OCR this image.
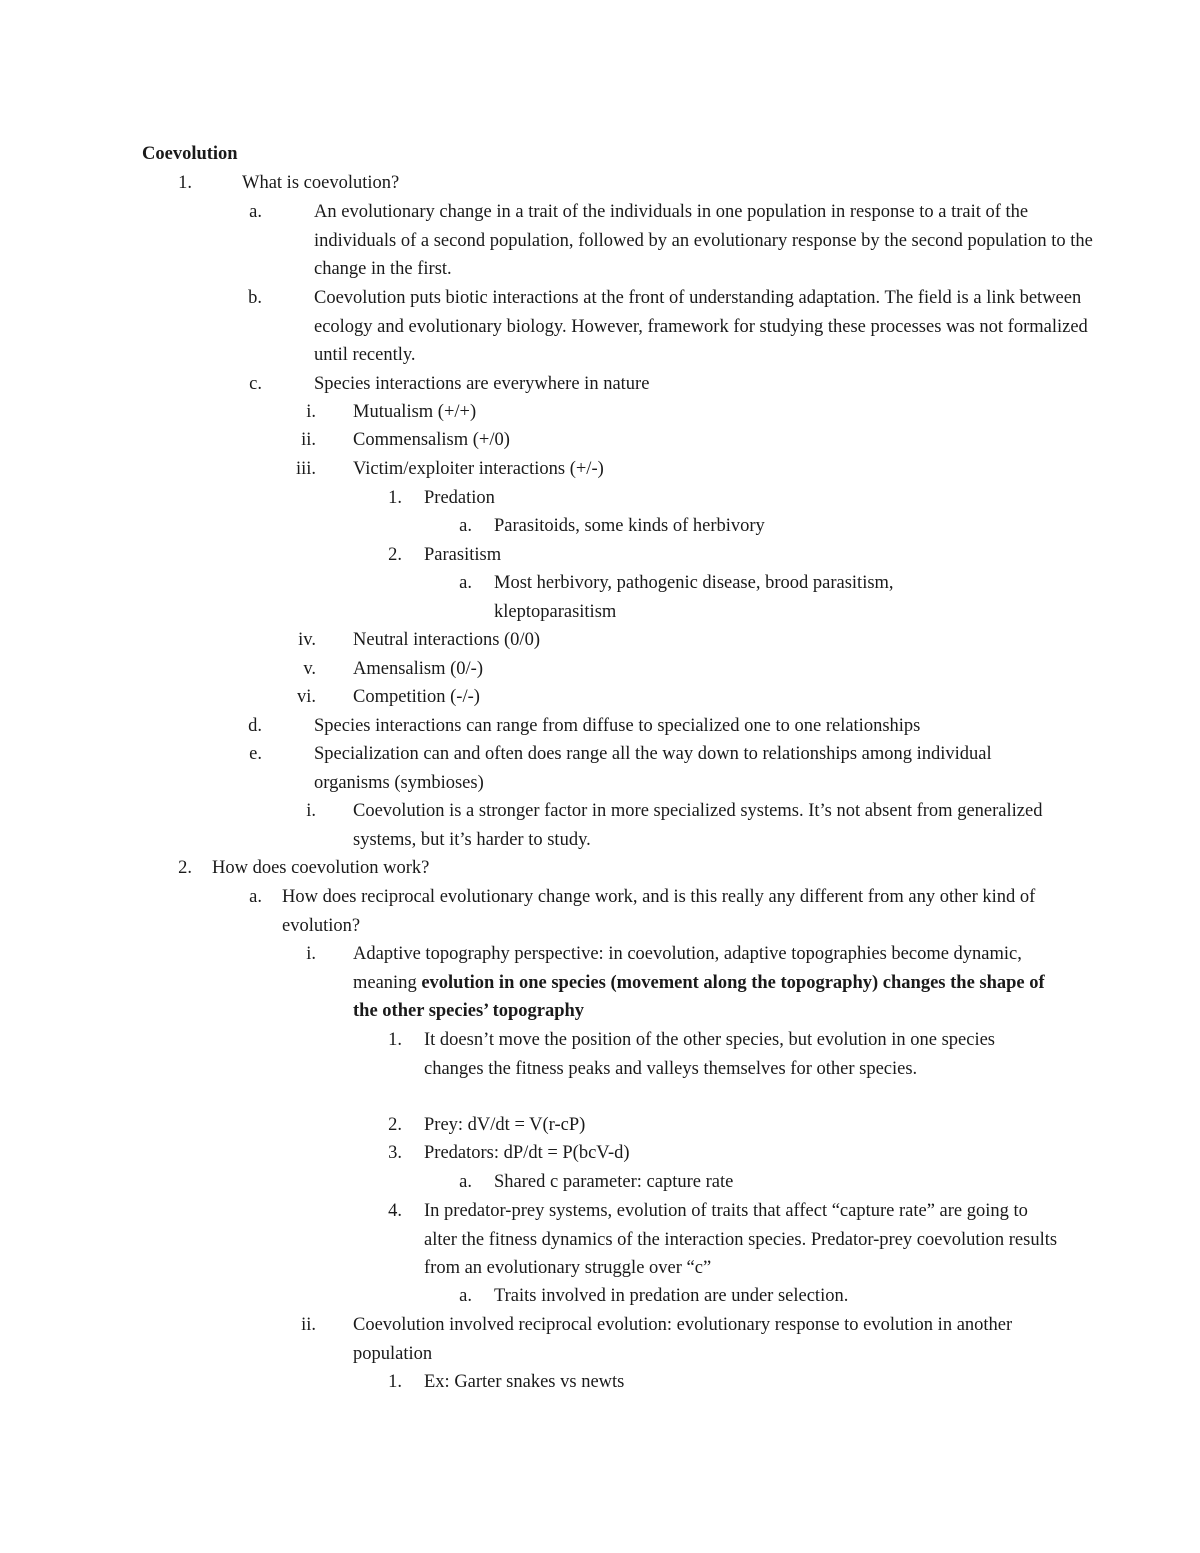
Coevolution
1.	What is coevolution?
a.	An evolutionary change in a trait of the individuals in one population in response to a trait of the individuals of a second population, followed by an evolutionary response by the second population to the change in the first.
b.	Coevolution puts biotic interactions at the front of understanding adaptation. The field is a link between ecology and evolutionary biology. However, framework for studying these processes was not formalized until recently.
c.	Species interactions are everywhere in nature
i. Mutualism (+/+)
ii. Commensalism (+/0)
iii. Victim/exploiter interactions (+/-)
1. Predation
a. Parasitoids, some kinds of herbivory
2. Parasitism
a. Most herbivory, pathogenic disease, brood parasitism, kleptoparasitism
iv. Neutral interactions (0/0)
v. Amensalism (0/-)
vi. Competition (-/-)
d.	Species interactions can range from diffuse to specialized one to one relationships
e.	Specialization can and often does range all the way down to relationships among individual organisms (symbioses)
i. Coevolution is a stronger factor in more specialized systems. It’s not absent from generalized systems, but it’s harder to study.
2. How does coevolution work?
a. How does reciprocal evolutionary change work, and is this really any different from any other kind of evolution?
i. Adaptive topography perspective: in coevolution, adaptive topographies become dynamic, meaning evolution in one species (movement along the topography) changes the shape of the other species’ topography
1. It doesn’t move the position of the other species, but evolution in one species changes the fitness peaks and valleys themselves for other species.
2. Prey: dV/dt = V(r-cP)
3. Predators: dP/dt = P(bcV-d)
a. Shared c parameter: capture rate
4. In predator-prey systems, evolution of traits that affect “capture rate” are going to alter the fitness dynamics of the interaction species. Predator-prey coevolution results from an evolutionary struggle over “c”
a. Traits involved in predation are under selection.
ii. Coevolution involved reciprocal evolution: evolutionary response to evolution in another population
1. Ex: Garter snakes vs newts
